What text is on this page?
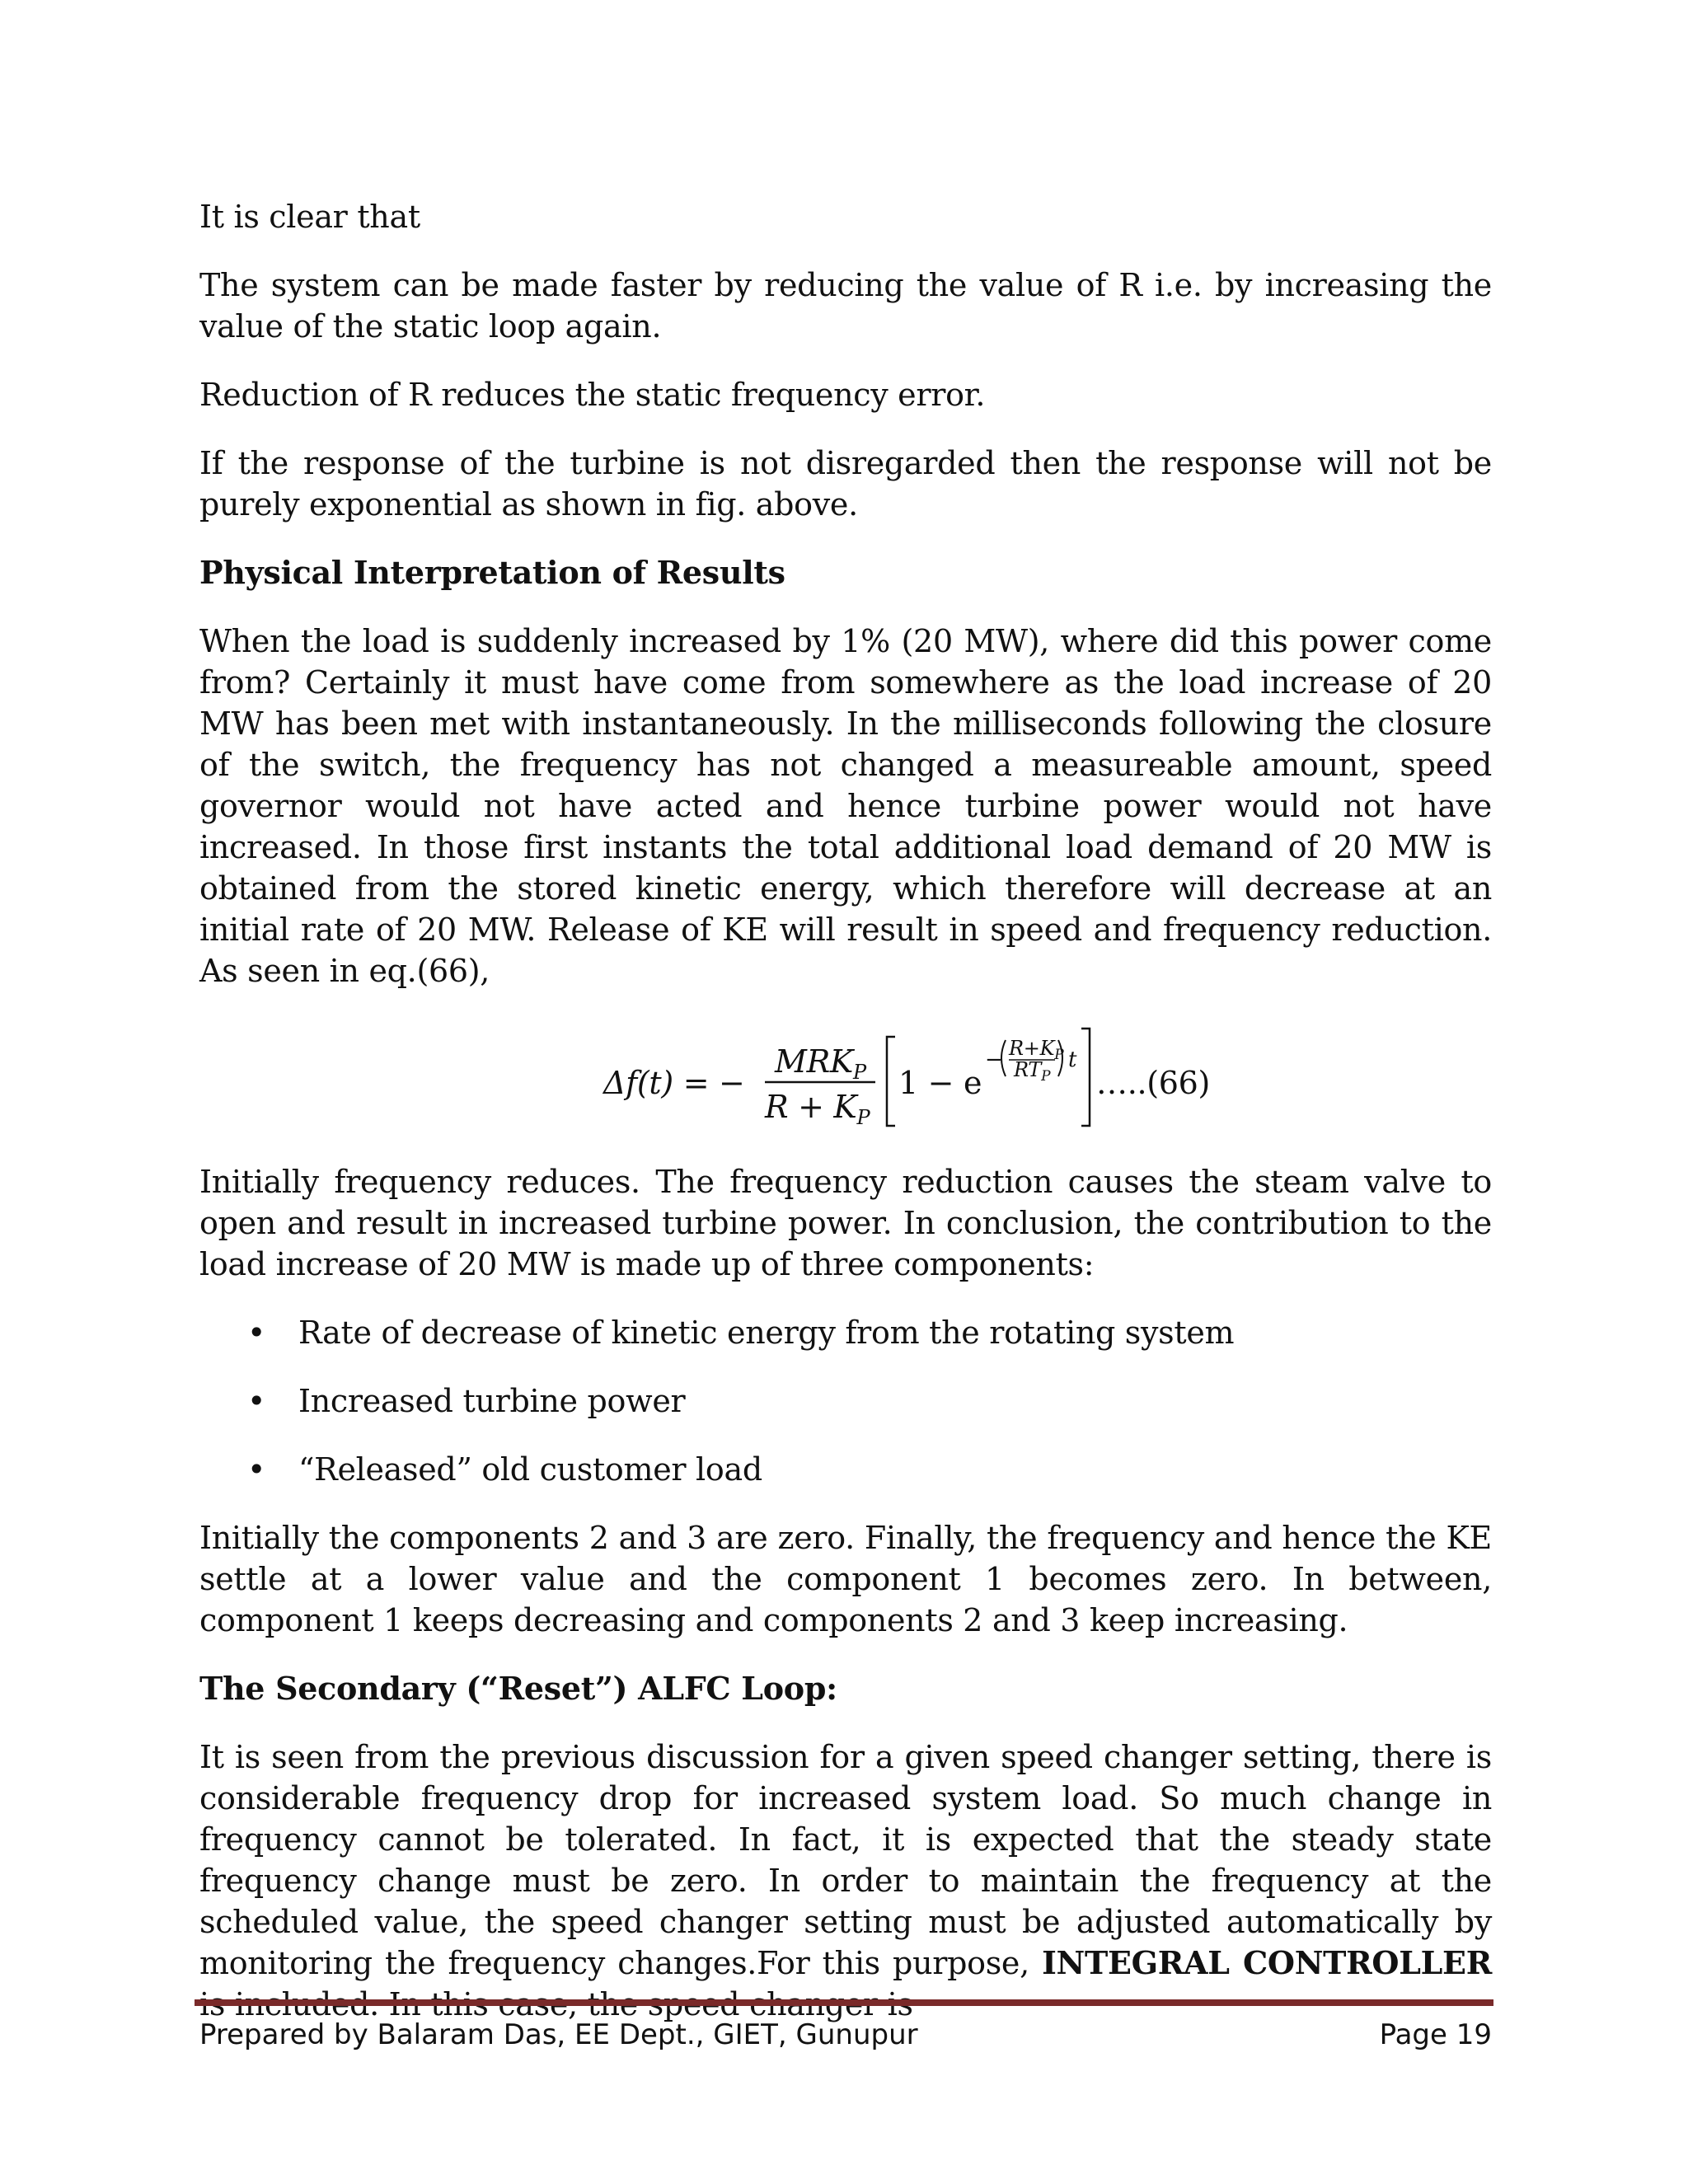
It is clear that

The system can be made faster by reducing the value of R i.e. by increasing the value of the static loop again.

Reduction of R reduces the static frequency error.

If the response of the turbine is not disregarded then the response will not be purely exponential as shown in fig. above.

Physical Interpretation of Results

When the load is suddenly increased by 1% (20 MW), where did this power come from? Certainly it must have come from somewhere as the load increase of 20 MW has been met with instantaneously. In the milliseconds following the closure of the switch, the frequency has not changed a measureable amount, speed governor would not have acted and hence turbine power would not have increased. In those first instants the total additional load demand of 20 MW is obtained from the stored kinetic energy, which therefore will decrease at an initial rate of 20 MW. Release of KE will result in speed and frequency reduction. As seen in eq.(66),

Δf(t) = −
$MRK_P$
$R + K_P$
1 − e
− $R+K_P$
$RT_P$
t
…..(66)

Initially frequency reduces. The frequency reduction causes the steam valve to open and result in increased turbine power. In conclusion, the contribution to the load increase of 20 MW is made up of three components:

• Rate of decrease of kinetic energy from the rotating system
• Increased turbine power
• “Released” old customer load

Initially the components 2 and 3 are zero. Finally, the frequency and hence the KE settle at a lower value and the component 1 becomes zero. In between, component 1 keeps decreasing and components 2 and 3 keep increasing.

The Secondary (“Reset”) ALFC Loop:

It is seen from the previous discussion for a given speed changer setting, there is considerable frequency drop for increased system load. So much change in frequency cannot be tolerated. In fact, it is expected that the steady state frequency change must be zero. In order to maintain the frequency at the scheduled value, the speed changer setting must be adjusted automatically by monitoring the frequency changes.For this purpose, INTEGRAL CONTROLLER is included. In this case, the speed changer is

Prepared by Balaram Das, EE Dept., GIET, Gunupur	Page 19
